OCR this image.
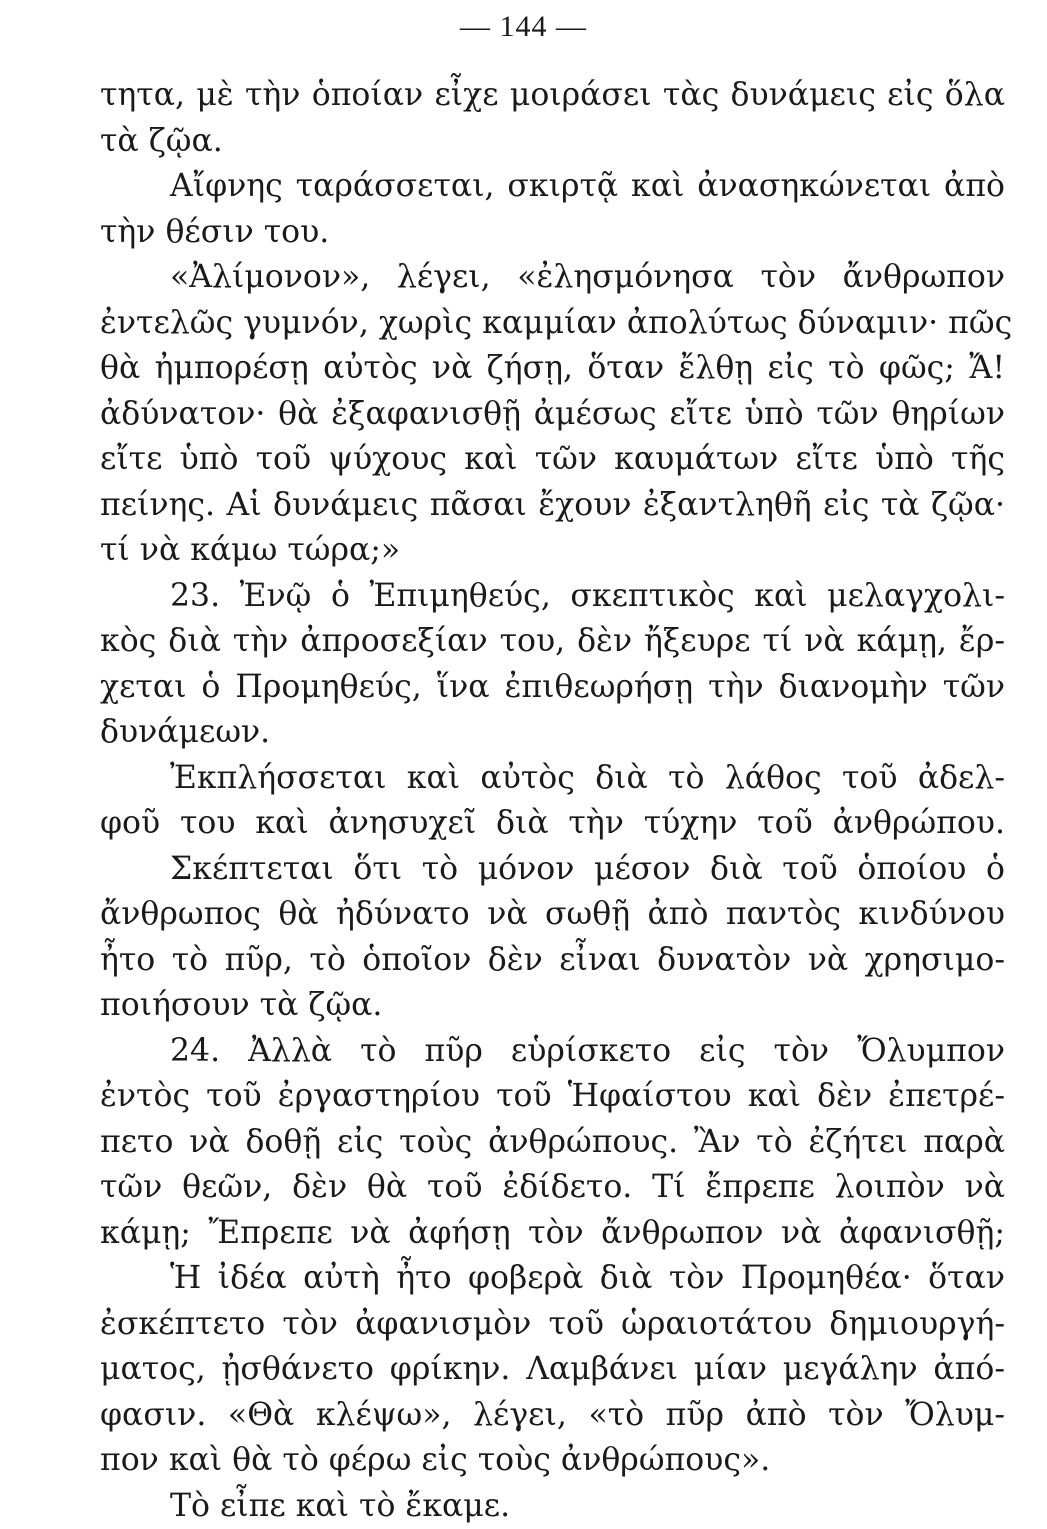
— 144 —
τητα, μὲ τὴν ὁποίαν εἶχε μοιράσει τὰς δυνάμεις εἰς ὅλα
τὰ ζῷα.
Αἴφνης ταράσσεται, σκιρτᾷ καὶ ἀνασηκώνεται ἀπὸ
τὴν θέσιν του.
«Ἀλίμονον», λέγει, «ἐλησμόνησα τὸν ἄνθρωπον
ἐντελῶς γυμνόν, χωρὶς καμμίαν ἀπολύτως δύναμιν· πῶς
θὰ ἠμπορέσῃ αὐτὸς νὰ ζήσῃ, ὅταν ἔλθῃ εἰς τὸ φῶς; Ἄ!
ἀδύνατον· θὰ ἐξαφανισθῇ ἀμέσως εἴτε ὑπὸ τῶν θηρίων
εἴτε ὑπὸ τοῦ ψύχους καὶ τῶν καυμάτων εἴτε ὑπὸ τῆς
πείνης. Αἱ δυνάμεις πᾶσαι ἔχουν ἐξαντληθῆ εἰς τὰ ζῷα·
τί νὰ κάμω τώρα;»
23. Ἐνῷ ὁ Ἐπιμηθεύς, σκεπτικὸς καὶ μελαγχολι-
κὸς διὰ τὴν ἀπροσεξίαν του, δὲν ἤξευρε τί νὰ κάμῃ, ἔρ-
χεται ὁ Προμηθεύς, ἵνα ἐπιθεωρήσῃ τὴν διανομὴν τῶν
δυνάμεων.
Ἐκπλήσσεται καὶ αὐτὸς διὰ τὸ λάθος τοῦ ἀδελ-
φοῦ του καὶ ἀνησυχεῖ διὰ τὴν τύχην τοῦ ἀνθρώπου.
Σκέπτεται ὅτι τὸ μόνον μέσον διὰ τοῦ ὁποίου ὁ
ἄνθρωπος θὰ ἠδύνατο νὰ σωθῇ ἀπὸ παντὸς κινδύνου
ἦτο τὸ πῦρ, τὸ ὁποῖον δὲν εἶναι δυνατὸν νὰ χρησιμο-
ποιήσουν τὰ ζῷα.
24. Ἀλλὰ τὸ πῦρ εὑρίσκετο εἰς τὸν Ὄλυμπον
ἐντὸς τοῦ ἐργαστηρίου τοῦ Ἡφαίστου καὶ δὲν ἐπετρέ-
πετο νὰ δοθῇ εἰς τοὺς ἀνθρώπους. Ἂν τὸ ἐζήτει παρὰ
τῶν θεῶν, δὲν θὰ τοῦ ἐδίδετο. Τί ἔπρεπε λοιπὸν νὰ
κάμῃ; Ἔπρεπε νὰ ἀφήσῃ τὸν ἄνθρωπον νὰ ἀφανισθῇ;
Ἡ ἰδέα αὐτὴ ἦτο φοβερὰ διὰ τὸν Προμηθέα· ὅταν
ἐσκέπτετο τὸν ἀφανισμὸν τοῦ ὡραιοτάτου δημιουργή-
ματος, ᾐσθάνετο φρίκην. Λαμβάνει μίαν μεγάλην ἀπό-
φασιν. «Θὰ κλέψω», λέγει, «τὸ πῦρ ἀπὸ τὸν Ὄλυμ-
πον καὶ θὰ τὸ φέρω εἰς τοὺς ἀνθρώπους».
Τὸ εἶπε καὶ τὸ ἔκαμε.
